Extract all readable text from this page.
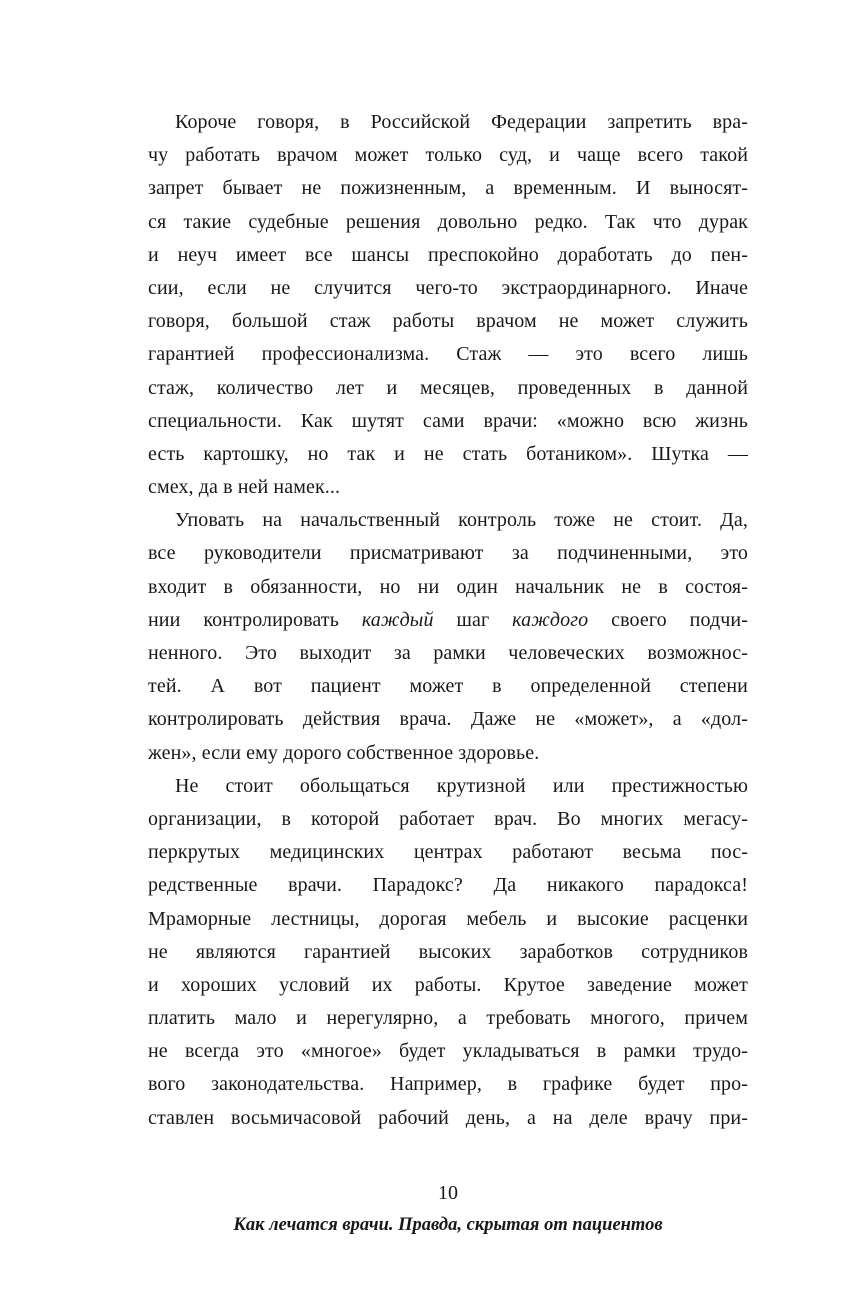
Короче говоря, в Российской Федерации запретить вра-
чу работать врачом может только суд, и чаще всего такой
запрет бывает не пожизненным, а временным. И выносят-
ся такие судебные решения довольно редко. Так что дурак
и неуч имеет все шансы преспокойно доработать до пен-
сии, если не случится чего-то экстраординарного. Иначе
говоря, большой стаж работы врачом не может служить
гарантией профессионализма. Стаж — это всего лишь
стаж, количество лет и месяцев, проведенных в данной
специальности. Как шутят сами врачи: «можно всю жизнь
есть картошку, но так и не стать ботаником». Шутка —
смех, да в ней намек...
Уповать на начальственный контроль тоже не стоит. Да,
все руководители присматривают за подчиненными, это
входит в обязанности, но ни один начальник не в состоя-
нии контролировать каждый шаг каждого своего подчи-
ненного. Это выходит за рамки человеческих возможнос-
тей. А вот пациент может в определенной степени
контролировать действия врача. Даже не «может», а «дол-
жен», если ему дорого собственное здоровье.
Не стоит обольщаться крутизной или престижностью
организации, в которой работает врач. Во многих мегасу-
перкрутых медицинских центрах работают весьма пос-
редственные врачи. Парадокс? Да никакого парадокса!
Мраморные лестницы, дорогая мебель и высокие расценки
не являются гарантией высоких заработков сотрудников
и хороших условий их работы. Крутое заведение может
платить мало и нерегулярно, а требовать многого, причем
не всегда это «многое» будет укладываться в рамки трудо-
вого законодательства. Например, в графике будет про-
ставлен восьмичасовой рабочий день, а на деле врачу при-
10
Как лечатся врачи. Правда, скрытая от пациентов
